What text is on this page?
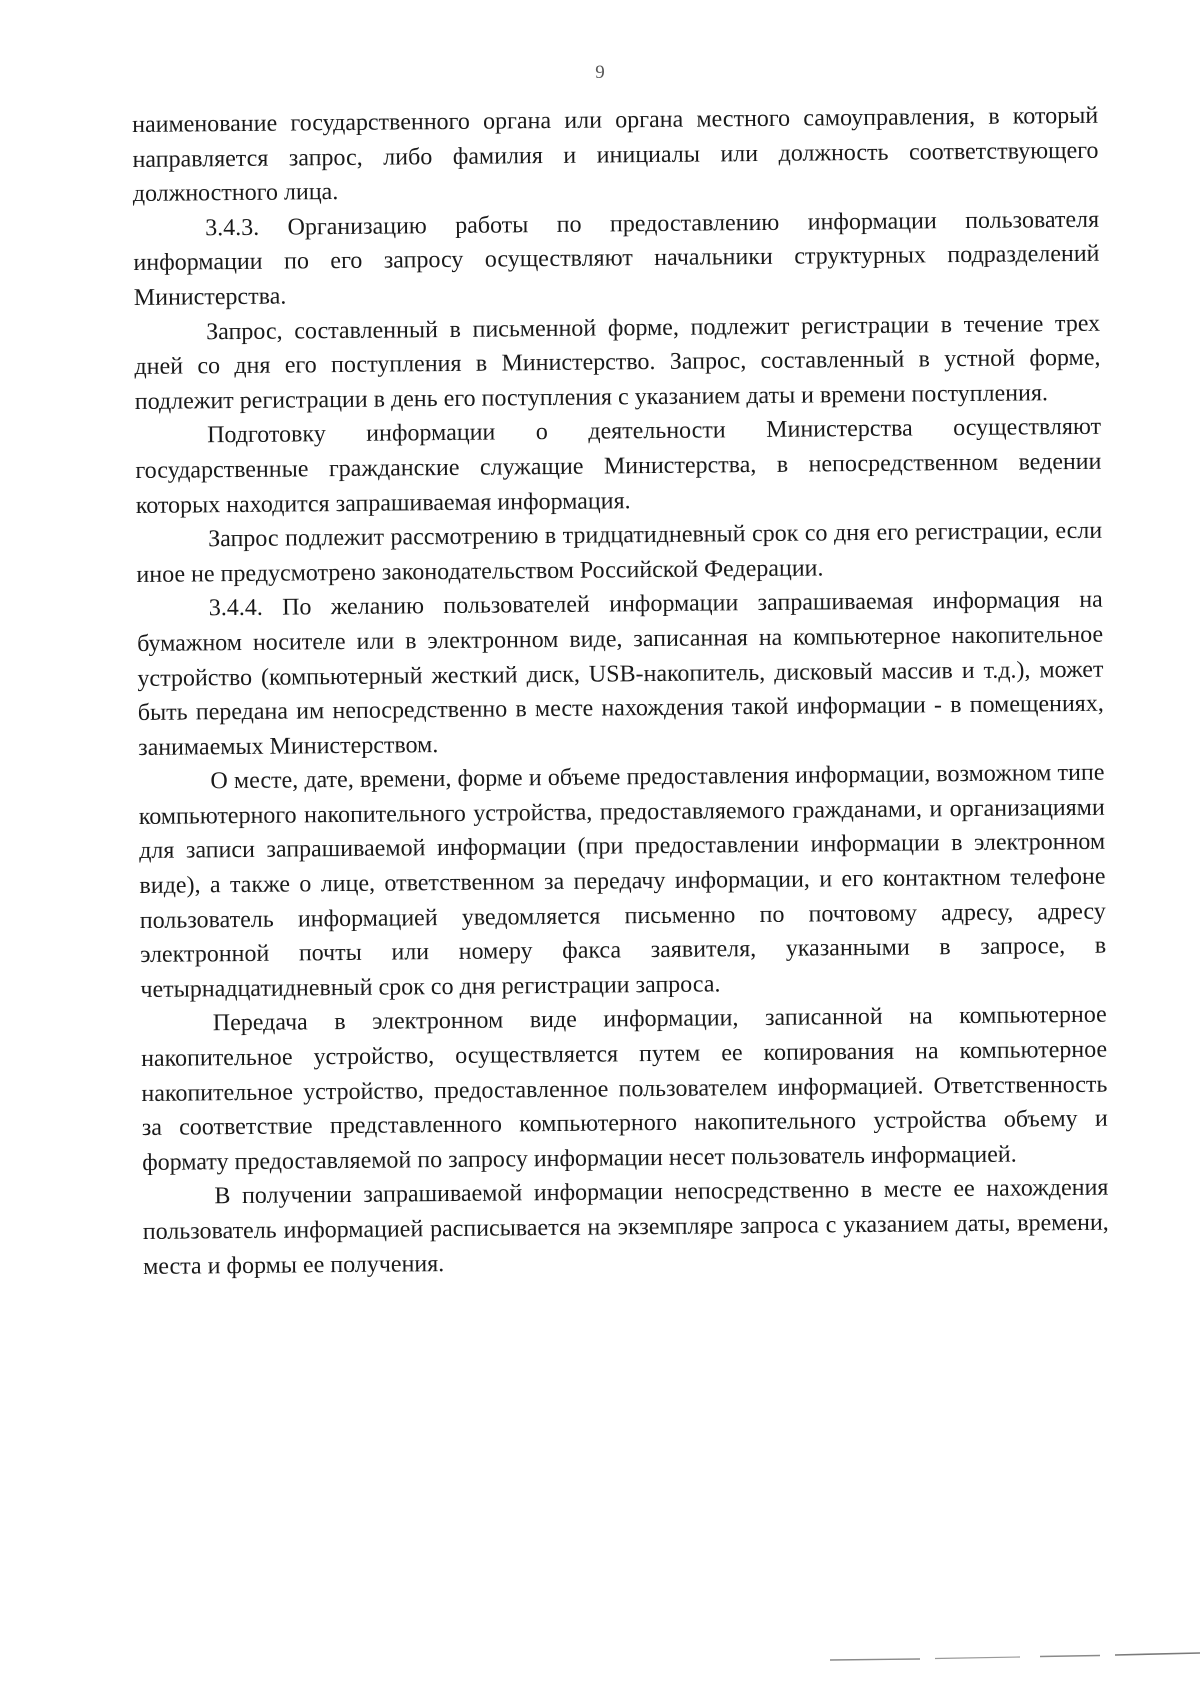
9

наименование государственного органа или органа местного самоуправления, в который направляется запрос, либо фамилия и инициалы или должность соответствующего должностного лица.

3.4.3. Организацию работы по предоставлению информации пользователя информации по его запросу осуществляют начальники структурных подразделений Министерства.

Запрос, составленный в письменной форме, подлежит регистрации в течение трех дней со дня его поступления в Министерство. Запрос, составленный в устной форме, подлежит регистрации в день его поступления с указанием даты и времени поступления.

Подготовку информации о деятельности Министерства осуществляют государственные гражданские служащие Министерства, в непосредственном ведении которых находится запрашиваемая информация.

Запрос подлежит рассмотрению в тридцатидневный срок со дня его регистрации, если иное не предусмотрено законодательством Российской Федерации.

3.4.4. По желанию пользователей информации запрашиваемая информация на бумажном носителе или в электронном виде, записанная на компьютерное накопительное устройство (компьютерный жесткий диск, USB-накопитель, дисковый массив и т.д.), может быть передана им непосредственно в месте нахождения такой информации - в помещениях, занимаемых Министерством.

О месте, дате, времени, форме и объеме предоставления информации, возможном типе компьютерного накопительного устройства, предоставляемого гражданами, и организациями для записи запрашиваемой информации (при предоставлении информации в электронном виде), а также о лице, ответственном за передачу информации, и его контактном телефоне пользователь информацией уведомляется письменно по почтовому адресу, адресу электронной почты или номеру факса заявителя, указанными в запросе, в четырнадцатидневный срок со дня регистрации запроса.

Передача в электронном виде информации, записанной на компьютерное накопительное устройство, осуществляется путем ее копирования на компьютерное накопительное устройство, предоставленное пользователем информацией. Ответственность за соответствие представленного компьютерного накопительного устройства объему и формату предоставляемой по запросу информации несет пользователь информацией.

В получении запрашиваемой информации непосредственно в месте ее нахождения пользователь информацией расписывается на экземпляре запроса с указанием даты, времени, места и формы ее получения.
